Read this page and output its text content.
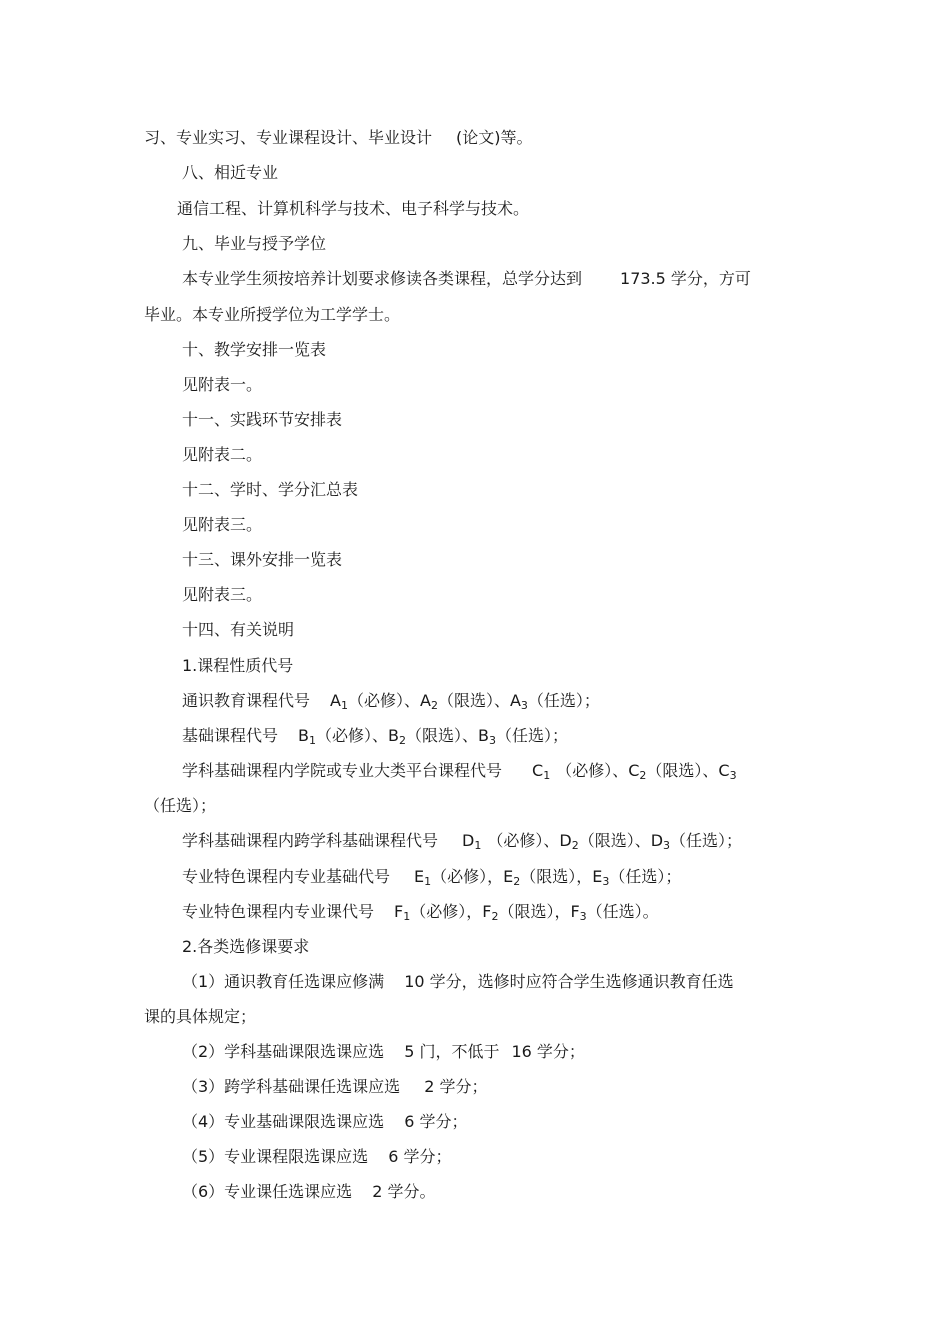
习、专业实习、专业课程设计、毕业设计 (论文)等。
八、相近专业
通信工程、计算机科学与技术、电子科学与技术。
九、毕业与授予学位
本专业学生须按培养计划要求修读各类课程，总学分达到 173.5 学分，方可
毕业。本专业所授学位为工学学士。
十、教学安排一览表
见附表一。
十一、实践环节安排表
见附表二。
十二、学时、学分汇总表
见附表三。
十三、课外安排一览表
见附表三。
十四、有关说明
1.课程性质代号
通识教育课程代号 $A_1$（必修）、$A_2$（限选）、$A_3$（任选）；
基础课程代号 $B_1$（必修）、$B_2$（限选）、$B_3$（任选）；
学科基础课程内学院或专业大类平台课程代号 $C_1$ （必修）、$C_2$（限选）、$C_3$
（任选）；
学科基础课程内跨学科基础课程代号 $D_1$ （必修）、$D_2$（限选）、$D_3$（任选）；
专业特色课程内专业基础代号 $E_1$（必修），$E_2$（限选），$E_3$（任选）；
专业特色课程内专业课代号 $F_1$（必修），$F_2$（限选），$F_3$（任选）。
2.各类选修课要求
（1）通识教育任选课应修满 10 学分，选修时应符合学生选修通识教育任选
课的具体规定；
（2）学科基础课限选课应选 5 门，不低于 16 学分；
（3）跨学科基础课任选课应选 2 学分；
（4）专业基础课限选课应选 6 学分；
（5）专业课程限选课应选 6 学分；
（6）专业课任选课应选 2 学分。
